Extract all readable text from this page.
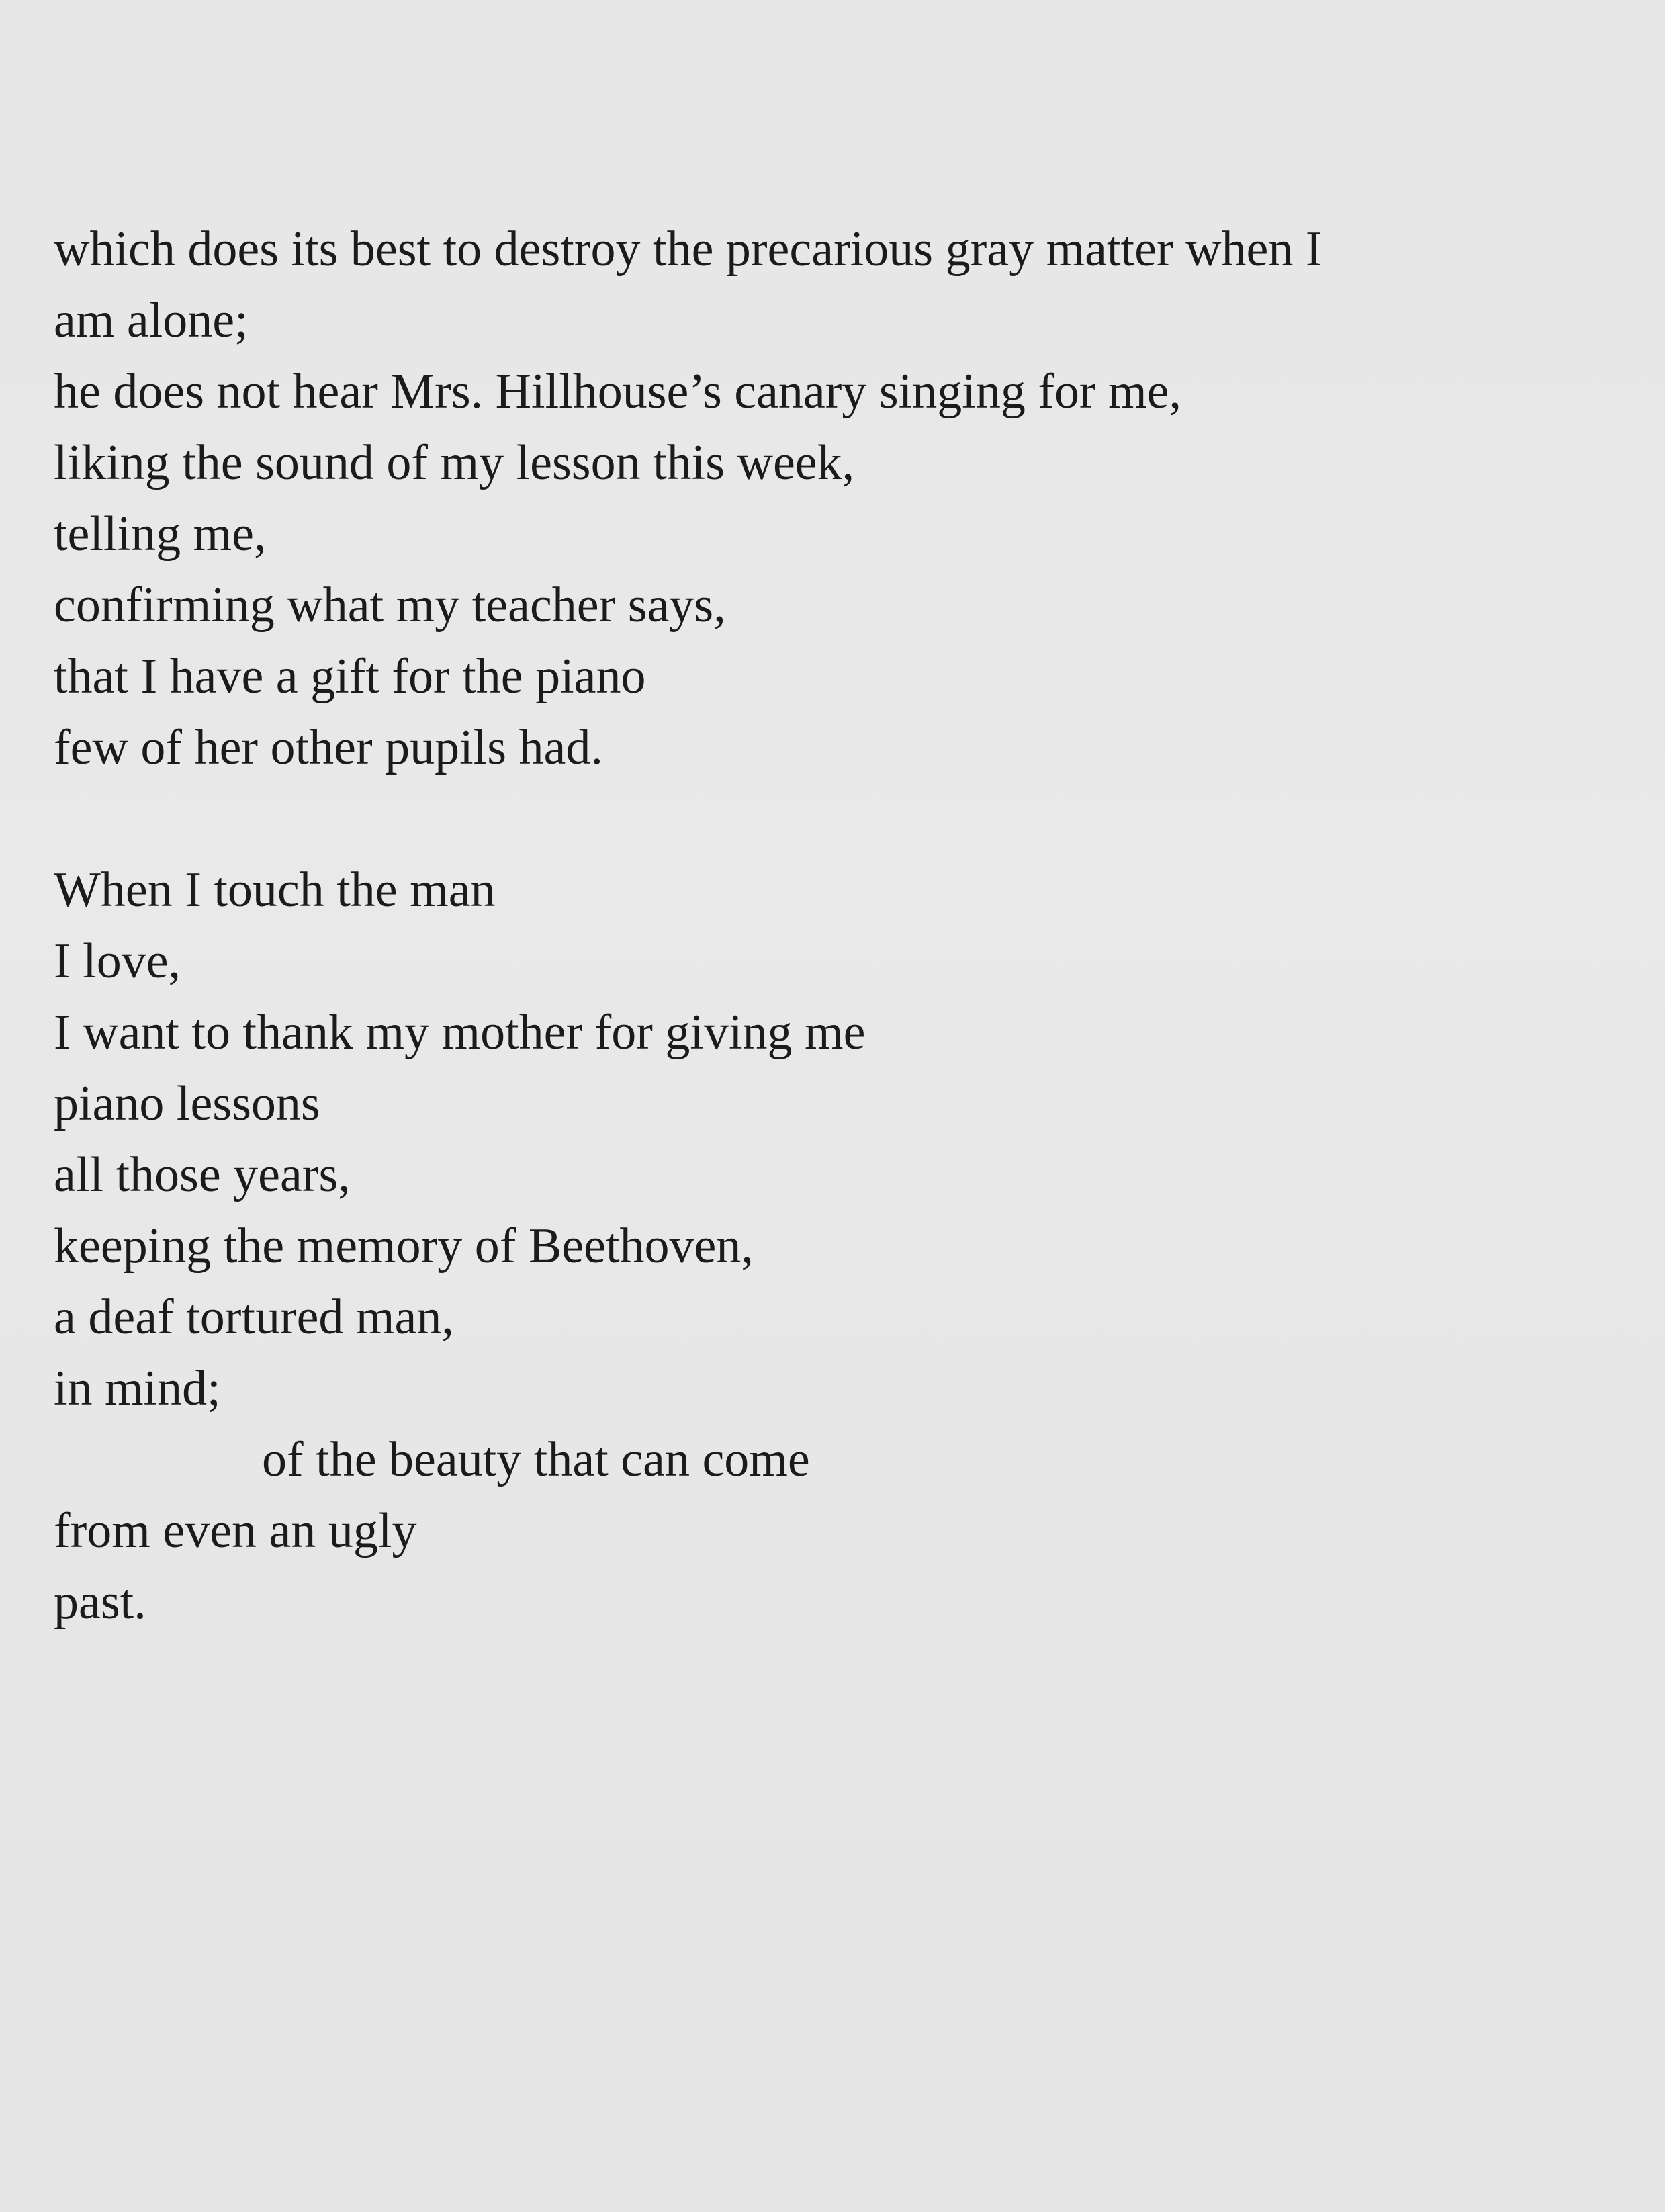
which does its best to destroy the precarious gray matter when I
am alone;
he does not hear Mrs. Hillhouse’s canary singing for me,
liking the sound of my lesson this week,
telling me,
confirming what my teacher says,
that I have a gift for the piano
few of her other pupils had.
When I touch the man
I love,
I want to thank my mother for giving me
piano lessons
all those years,
keeping the memory of Beethoven,
a deaf tortured man,
in mind;
of the beauty that can come
from even an ugly
past.
